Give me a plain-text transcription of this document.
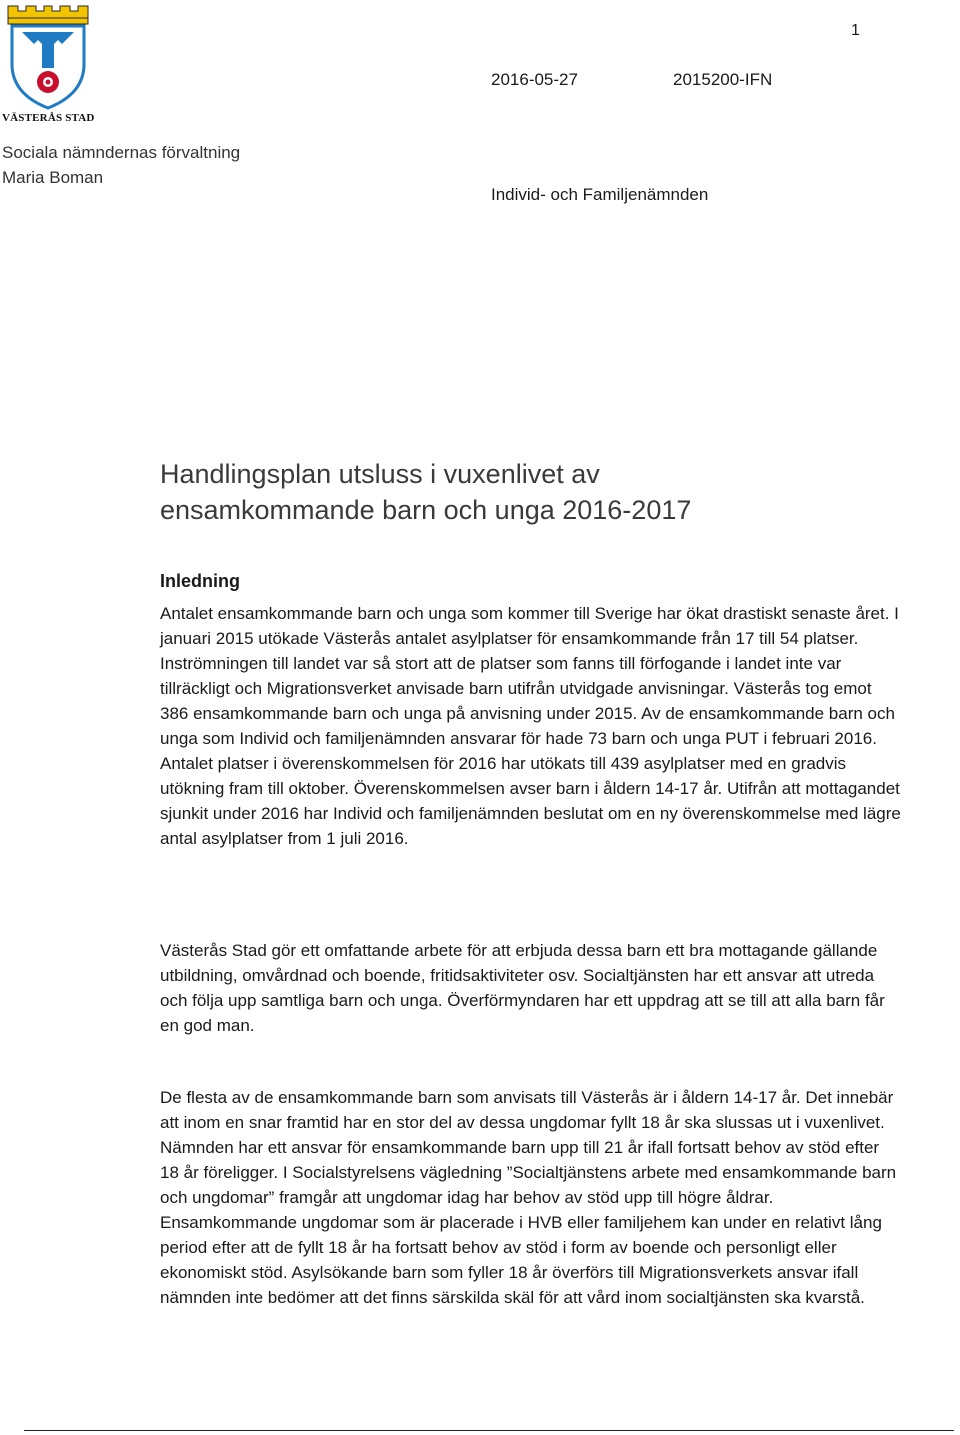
VÄSTERÅS STAD
1
2016-05-27	2015200-IFN
Sociala nämndernas förvaltning
Maria Boman
Individ- och Familjenämnden
Handlingsplan utsluss i vuxenlivet av
ensamkommande barn och unga 2016-2017
Inledning
Antalet ensamkommande barn och unga som kommer till Sverige har ökat drastiskt senaste året. I januari 2015 utökade Västerås antalet asylplatser för ensamkommande från 17 till 54 platser. Inströmningen till landet var så stort att de platser som fanns till förfogande i landet inte var tillräckligt och Migrationsverket anvisade barn utifrån utvidgade anvisningar. Västerås tog emot 386 ensamkommande barn och unga på anvisning under 2015. Av de ensamkommande barn och unga som Individ och familjenämnden ansvarar för hade 73 barn och unga PUT i februari 2016. Antalet platser i överenskommelsen för 2016 har utökats till 439 asylplatser med en gradvis utökning fram till oktober. Överenskommelsen avser barn i åldern 14-17 år. Utifrån att mottagandet sjunkit under 2016 har Individ och familjenämnden beslutat om en ny överenskommelse med lägre antal asylplatser from 1 juli 2016.
Västerås Stad gör ett omfattande arbete för att erbjuda dessa barn ett bra mottagande gällande utbildning, omvårdnad och boende, fritidsaktiviteter osv. Socialtjänsten har ett ansvar att utreda och följa upp samtliga barn och unga. Överförmyndaren har ett uppdrag att se till att alla barn får en god man.
De flesta av de ensamkommande barn som anvisats till Västerås är i åldern 14-17 år. Det innebär att inom en snar framtid har en stor del av dessa ungdomar fyllt 18 år ska slussas ut i vuxenlivet. Nämnden har ett ansvar för ensamkommande barn upp till 21 år ifall fortsatt behov av stöd efter 18 år föreligger. I Socialstyrelsens vägledning ”Socialtjänstens arbete med ensamkommande barn och ungdomar” framgår att ungdomar idag har behov av stöd upp till högre åldrar.
Ensamkommande ungdomar som är placerade i HVB eller familjehem kan under en relativt lång period efter att de fyllt 18 år ha fortsatt behov av stöd i form av boende och personligt eller ekonomiskt stöd. Asylsökande barn som fyller 18 år överförs till Migrationsverkets ansvar ifall nämnden inte bedömer att det finns särskilda skäl för att vård inom socialtjänsten ska kvarstå.
